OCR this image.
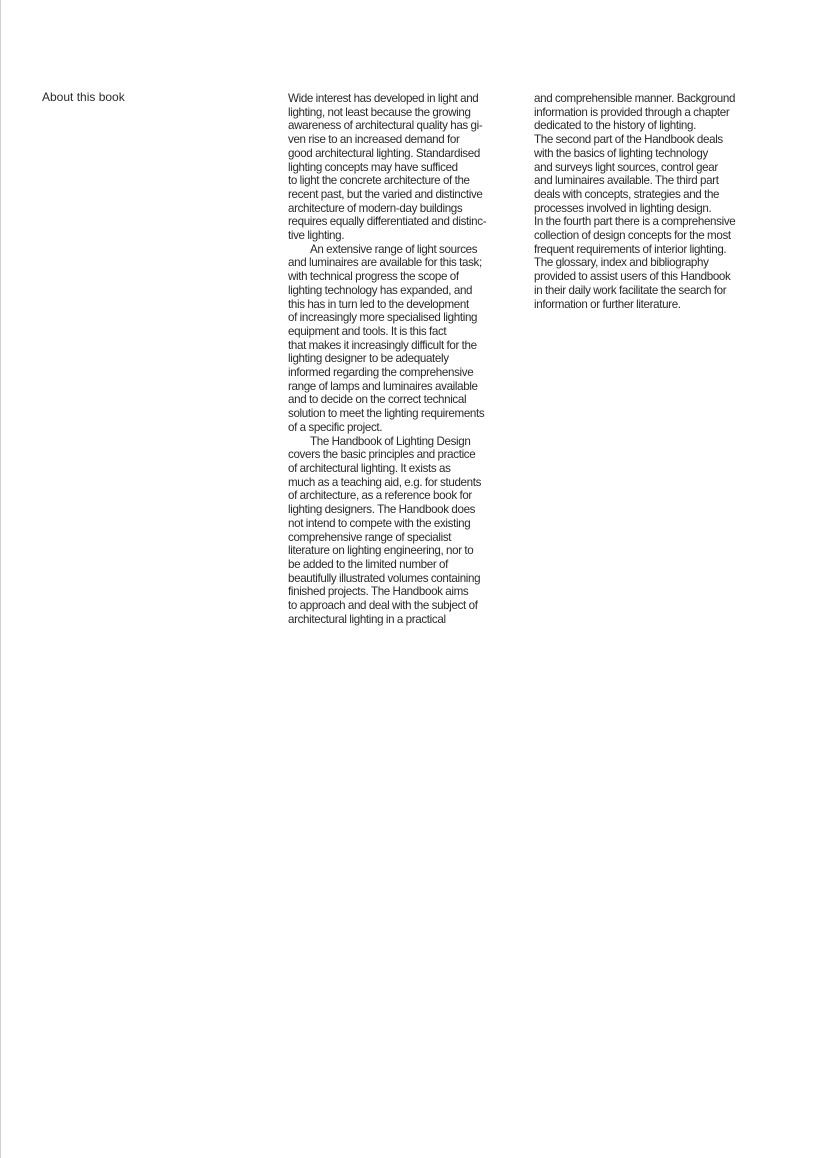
About this book	Wide interest has developed in light and
lighting, not least because the growing
awareness of architectural quality has gi-
ven rise to an increased demand for
good architectural lighting. Standardised
lighting concepts may have sufficed
to light the concrete architecture of the
recent past, but the varied and distinctive
architecture of modern-day buildings
requires equally differentiated and distinc-
tive lighting.
An extensive range of light sources
and luminaires are available for this task;
with technical progress the scope of
lighting technology has expanded, and
this has in turn led to the development
of increasingly more specialised lighting
equipment and tools. It is this fact
that makes it increasingly difficult for the
lighting designer to be adequately
informed regarding the comprehensive
range of lamps and luminaires available
and to decide on the correct technical
solution to meet the lighting requirements
of a specific project.
The Handbook of Lighting Design
covers the basic principles and practice
of architectural lighting. It exists as
much as a teaching aid, e.g. for students
of architecture, as a reference book for
lighting designers. The Handbook does
not intend to compete with the existing
comprehensive range of specialist
literature on lighting engineering, nor to
be added to the limited number of
beautifully illustrated volumes containing
finished projects. The Handbook aims
to approach and deal with the subject of
architectural lighting in a practical
and comprehensible manner. Background
information is provided through a chapter
dedicated to the history of lighting.
The second part of the Handbook deals
with the basics of lighting technology
and surveys light sources, control gear
and luminaires available. The third part
deals with concepts, strategies and the
processes involved in lighting design.
In the fourth part there is a comprehensive
collection of design concepts for the most
frequent requirements of interior lighting.
The glossary, index and bibliography
provided to assist users of this Handbook
in their daily work facilitate the search for
information or further literature.
